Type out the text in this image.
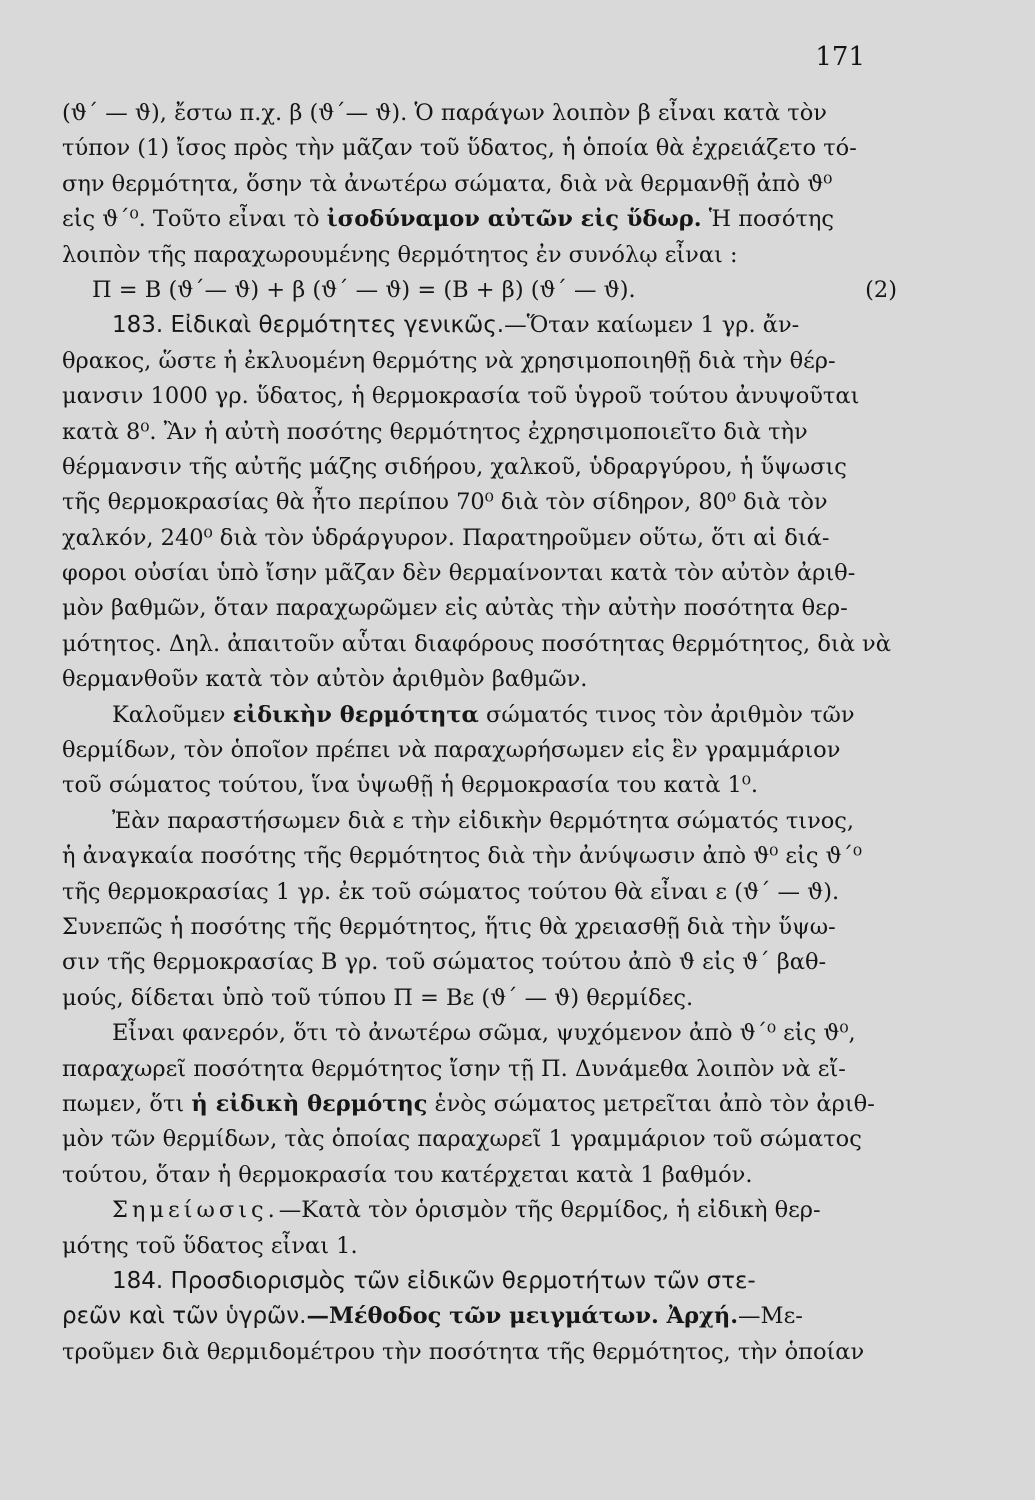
171
(ϑ΄ — ϑ), ἔστω π.χ. β (ϑ΄— ϑ). Ὁ παράγων λοιπὸν β εἶναι κατὰ τὸν
τύπον (1) ἴσος πρὸς τὴν μᾶζαν τοῦ ὕδατος, ἡ ὁποία θὰ ἐχρειάζετο τό-
σην θερμότητα, ὅσην τὰ ἀνωτέρω σώματα, διὰ νὰ θερμανθῇ ἀπὸ ϑ⁰
εἰς ϑ΄⁰. Τοῦτο εἶναι τὸ ἰσοδύναμον αὐτῶν εἰς ὕδωρ. Ἡ ποσότης
λοιπὸν τῆς παραχωρουμένης θερμότητος ἐν συνόλῳ εἶναι :
Π = Β (ϑ΄— ϑ) + β (ϑ΄ — ϑ) = (Β + β) (ϑ΄ — ϑ).	(2)
183. Εἰδικαὶ θερμότητες γενικῶς.—Ὅταν καίωμεν 1 γρ. ἄν-
θρακος, ὥστε ἡ ἐκλυομένη θερμότης νὰ χρησιμοποιηθῇ διὰ τὴν θέρ-
μανσιν 1000 γρ. ὕδατος, ἡ θερμοκρασία τοῦ ὑγροῦ τούτου ἀνυψοῦται
κατὰ 8⁰. Ἂν ἡ αὐτὴ ποσότης θερμότητος ἐχρησιμοποιεῖτο διὰ τὴν
θέρμανσιν τῆς αὐτῆς μάζης σιδήρου, χαλκοῦ, ὑδραργύρου, ἡ ὕψωσις
τῆς θερμοκρασίας θὰ ἦτο περίπου 70⁰ διὰ τὸν σίδηρον, 80⁰ διὰ τὸν
χαλκόν, 240⁰ διὰ τὸν ὑδράργυρον. Παρατηροῦμεν οὕτω, ὅτι αἱ διά-
φοροι οὐσίαι ὑπὸ ἴσην μᾶζαν δὲν θερμαίνονται κατὰ τὸν αὐτὸν ἀριθ-
μὸν βαθμῶν, ὅταν παραχωρῶμεν εἰς αὐτὰς τὴν αὐτὴν ποσότητα θερ-
μότητος. Δηλ. ἀπαιτοῦν αὗται διαφόρους ποσότητας θερμότητος, διὰ νὰ
θερμανθοῦν κατὰ τὸν αὐτὸν ἀριθμὸν βαθμῶν.
Καλοῦμεν εἰδικὴν θερμότητα σώματός τινος τὸν ἀριθμὸν τῶν
θερμίδων, τὸν ὁποῖον πρέπει νὰ παραχωρήσωμεν εἰς ἓν γραμμάριον
τοῦ σώματος τούτου, ἵνα ὑψωθῇ ἡ θερμοκρασία του κατὰ 1⁰.
Ἐὰν παραστήσωμεν διὰ ε τὴν εἰδικὴν θερμότητα σώματός τινος,
ἡ ἀναγκαία ποσότης τῆς θερμότητος διὰ τὴν ἀνύψωσιν ἀπὸ ϑ⁰ εἰς ϑ΄⁰
τῆς θερμοκρασίας 1 γρ. ἐκ τοῦ σώματος τούτου θὰ εἶναι ε (ϑ΄ — ϑ).
Συνεπῶς ἡ ποσότης τῆς θερμότητος, ἥτις θὰ χρειασθῇ διὰ τὴν ὕψω-
σιν τῆς θερμοκρασίας Β γρ. τοῦ σώματος τούτου ἀπὸ ϑ εἰς ϑ΄ βαθ-
μούς, δίδεται ὑπὸ τοῦ τύπου Π = Βε (ϑ΄ — ϑ) θερμίδες.
Εἶναι φανερόν, ὅτι τὸ ἀνωτέρω σῶμα, ψυχόμενον ἀπὸ ϑ΄⁰ εἰς ϑ⁰,
παραχωρεῖ ποσότητα θερμότητος ἴσην τῇ Π. Δυνάμεθα λοιπὸν νὰ εἴ-
πωμεν, ὅτι ἡ εἰδικὴ θερμότης ἑνὸς σώματος μετρεῖται ἀπὸ τὸν ἀριθ-
μὸν τῶν θερμίδων, τὰς ὁποίας παραχωρεῖ 1 γραμμάριον τοῦ σώματος
τούτου, ὅταν ἡ θερμοκρασία του κατέρχεται κατὰ 1 βαθμόν.
Σημείωσις.—Κατὰ τὸν ὁρισμὸν τῆς θερμίδος, ἡ εἰδικὴ θερ-
μότης τοῦ ὕδατος εἶναι 1.
184. Προσδιορισμὸς τῶν εἰδικῶν θερμοτήτων τῶν στε-
ρεῶν καὶ τῶν ὑγρῶν.—Μέθοδος τῶν μειγμάτων. Ἀρχή.—Με-
τροῦμεν διὰ θερμιδομέτρου τὴν ποσότητα τῆς θερμότητος, τὴν ὁποίαν
